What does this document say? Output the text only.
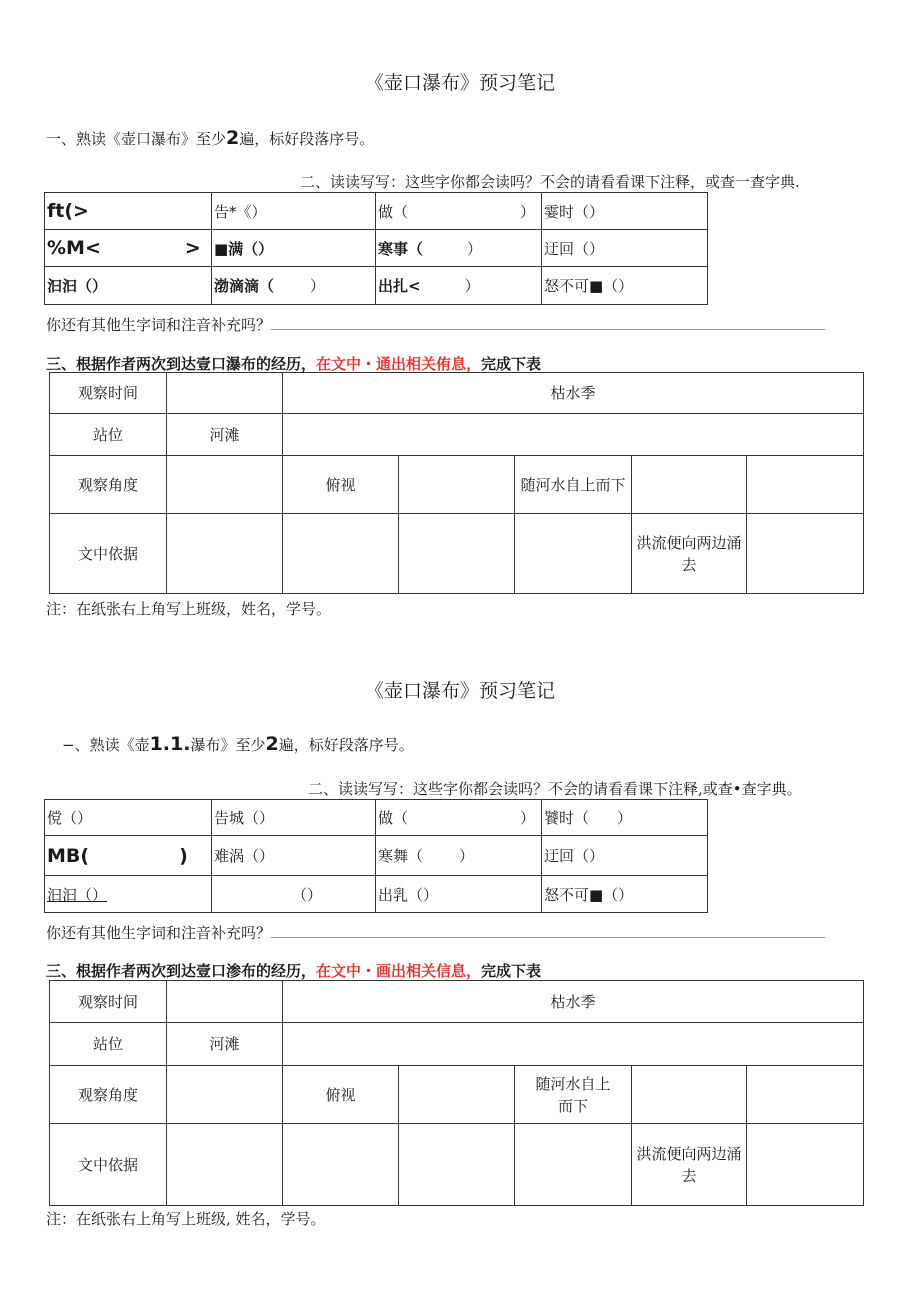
《壶口瀑布》预习笔记
一、熟读《壶口瀑布》至少2遍，标好段落序号。
二、读读写写：这些字你都会读吗？不会的请看看课下注释，或查一查字典.
ft(>	告*《）	做（ ）	霎时（）
%M< >	■满（）	寒事（ ）	迂回（）
汩汩（）	渤滴滴（ ）	出扎< ）	怒不可■（）
你还有其他生字词和注音补充吗？
三、根据作者两次到达壹口瀑布的经历，在文中・通出相关侑息，完成下表
观察时间		枯水季				
站位	河滩					
观察角度		俯视		随河水自上而下		
文中依据					洪流便向两边涌去	
注：在纸张右上角写上班级，姓名，学号。
《壶口瀑布》预习笔记
−、熟读《壶1.1.瀑布》至少2遍，标好段落序号。
二、读读写写：这些字你都会读吗？不会的请看看课下注释,或查•查字典。
傥（）	告城（）	做（ ）	饕时（ ）
MB( )	难涡（）	寒舞（ ）	迂回（）
汩汩（）	（）	出乳（）	怒不可■（）
你还有其他生字词和注音补充吗？
三、根据作者两次到达壹口渗布的经历，在文中・画出相关信息，完成下表
观察时间		枯水季				
站位	河滩					
观察角度		俯视		随河水自上而下		
文中依据					洪流便向两边涌去	
注：在纸张右上角写上班级, 姓名，学号。
